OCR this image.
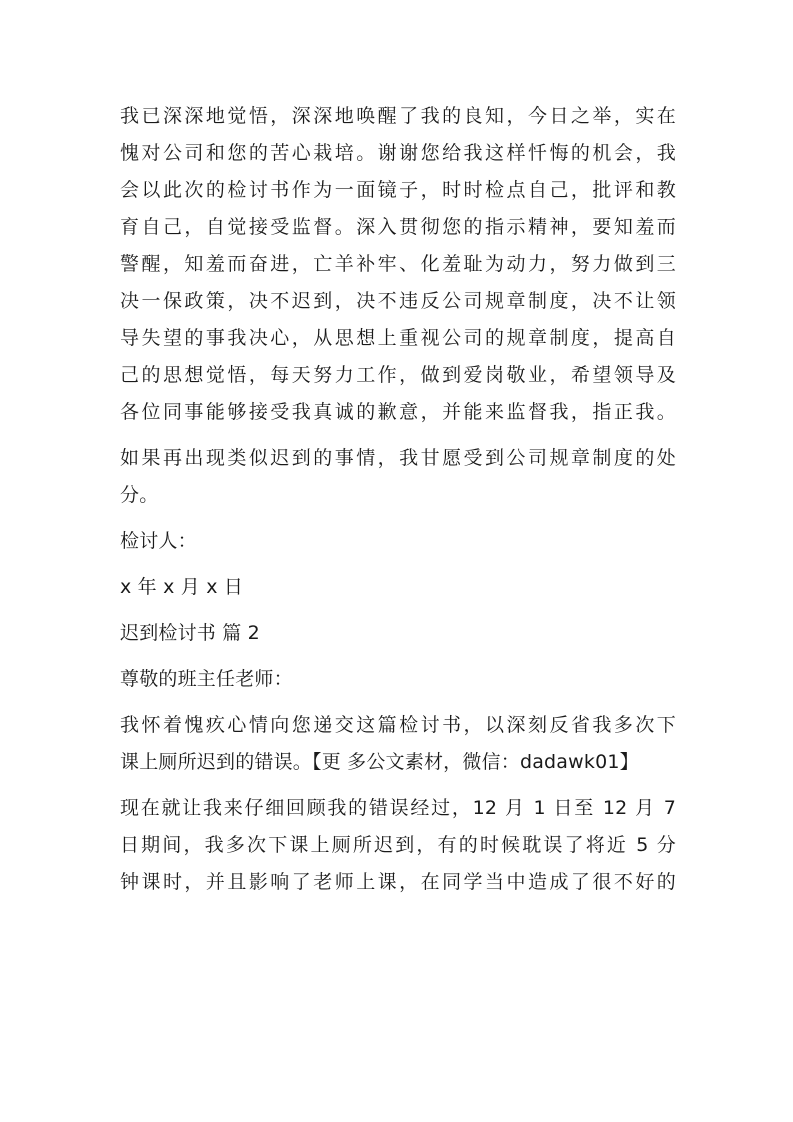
我已深深地觉悟，深深地唤醒了我的良知，今日之举，实在
愧对公司和您的苦心栽培。谢谢您给我这样忏悔的机会，我
会以此次的检讨书作为一面镜子，时时检点自己，批评和教
育自己，自觉接受监督。深入贯彻您的指示精神，要知羞而
警醒，知羞而奋进，亡羊补牢、化羞耻为动力，努力做到三
决一保政策，决不迟到，决不违反公司规章制度，决不让领
导失望的事我决心，从思想上重视公司的规章制度，提高自
己的思想觉悟，每天努力工作，做到爱岗敬业，希望领导及
各位同事能够接受我真诚的歉意，并能来监督我，指正我。
如果再出现类似迟到的事情，我甘愿受到公司规章制度的处
分。
检讨人：
x 年 x 月 x 日
迟到检讨书 篇 2
尊敬的班主任老师：
我怀着愧疚心情向您递交这篇检讨书，以深刻反省我多次下
课上厕所迟到的错误。【更 多公文素材，微信：dadawk01】
现在就让我来仔细回顾我的错误经过，12 月 1 日至 12 月 7
日期间，我多次下课上厕所迟到，有的时候耽误了将近 5 分
钟课时，并且影响了老师上课，在同学当中造成了很不好的
